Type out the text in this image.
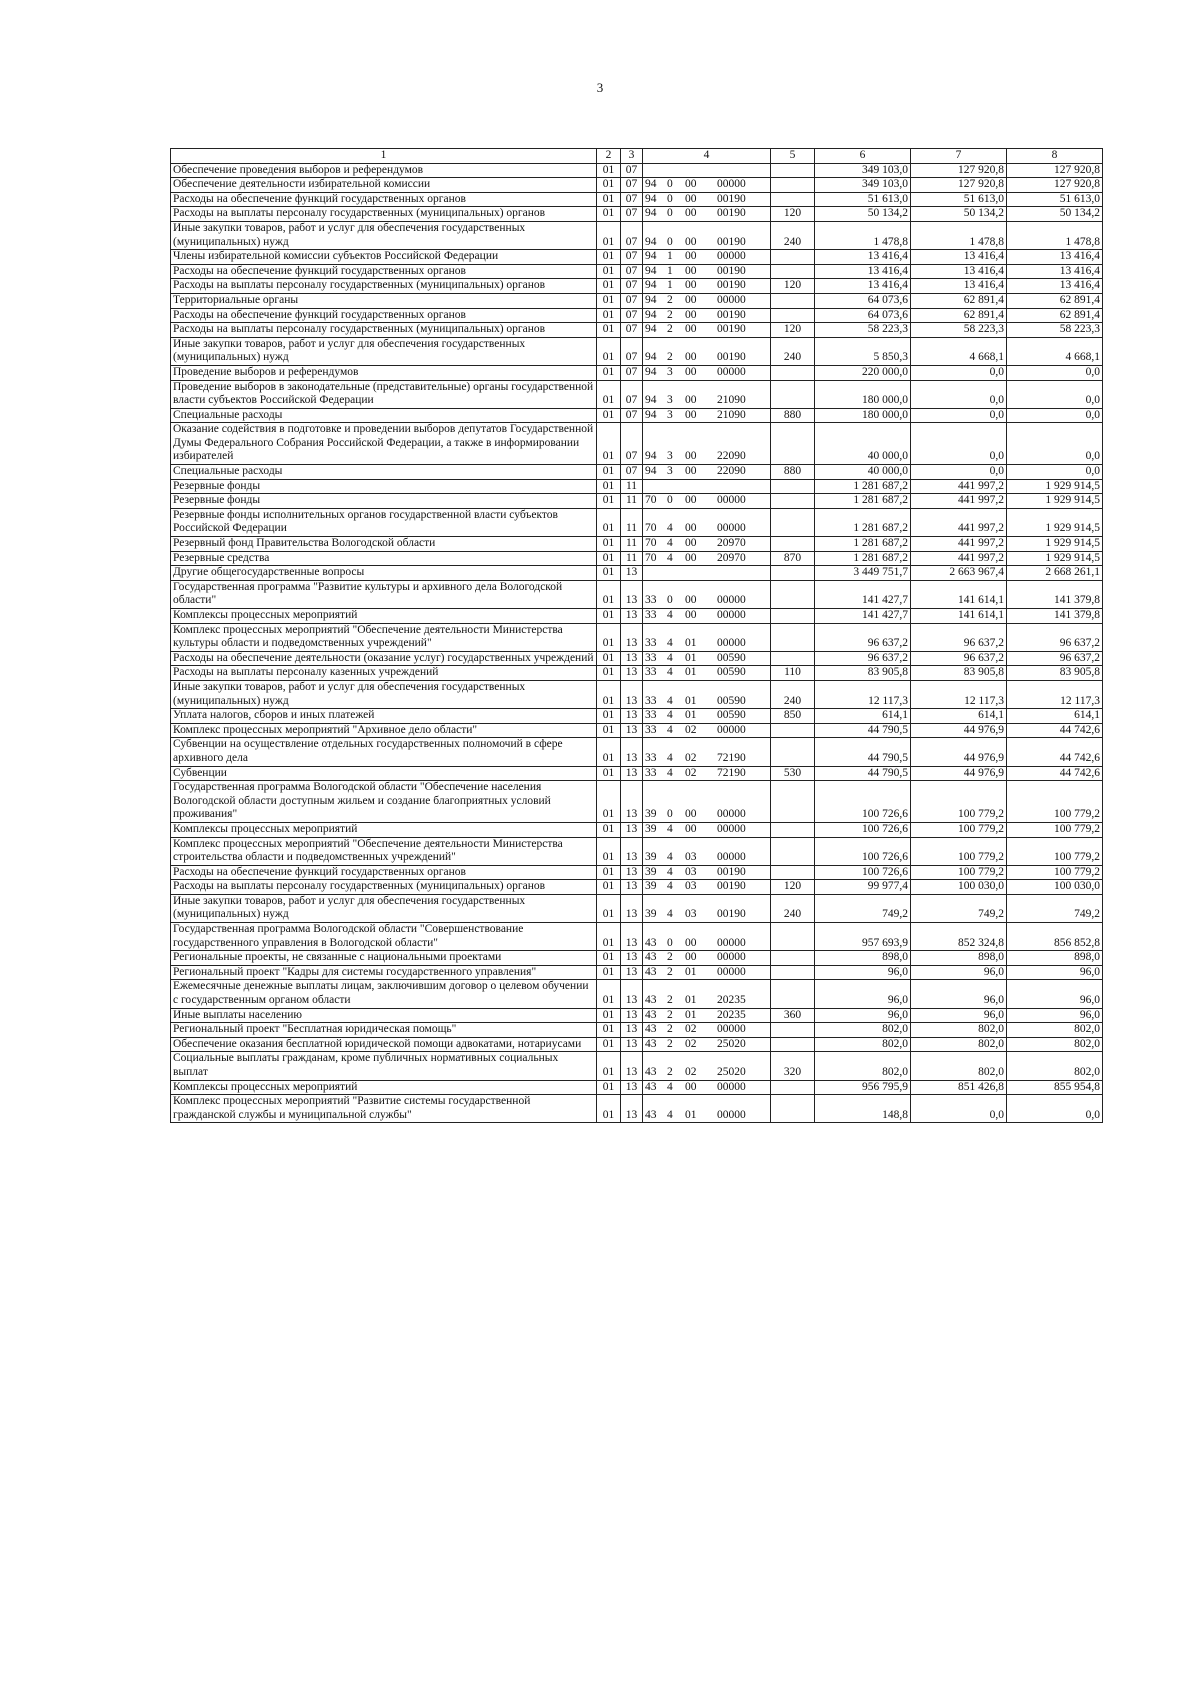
3
1	2	3	4	5	6	7	8
Обеспечение проведения выборов и референдумов	01	07			349 103,0	127 920,8	127 920,8
Обеспечение деятельности избирательной комиссии	01	07	94 0 00 00000		349 103,0	127 920,8	127 920,8
Расходы на обеспечение функций государственных органов	01	07	94 0 00 00190		51 613,0	51 613,0	51 613,0
Расходы на выплаты персоналу государственных (муниципальных) органов	01	07	94 0 00 00190	120	50 134,2	50 134,2	50 134,2
Иные закупки товаров, работ и услуг для обеспечения государственных (муниципальных) нужд	01	07	94 0 00 00190	240	1 478,8	1 478,8	1 478,8
Члены избирательной комиссии субъектов Российской Федерации	01	07	94 1 00 00000		13 416,4	13 416,4	13 416,4
Расходы на обеспечение функций государственных органов	01	07	94 1 00 00190		13 416,4	13 416,4	13 416,4
Расходы на выплаты персоналу государственных (муниципальных) органов	01	07	94 1 00 00190	120	13 416,4	13 416,4	13 416,4
Территориальные органы	01	07	94 2 00 00000		64 073,6	62 891,4	62 891,4
Расходы на обеспечение функций государственных органов	01	07	94 2 00 00190		64 073,6	62 891,4	62 891,4
Расходы на выплаты персоналу государственных (муниципальных) органов	01	07	94 2 00 00190	120	58 223,3	58 223,3	58 223,3
Иные закупки товаров, работ и услуг для обеспечения государственных (муниципальных) нужд	01	07	94 2 00 00190	240	5 850,3	4 668,1	4 668,1
Проведение выборов и референдумов	01	07	94 3 00 00000		220 000,0	0,0	0,0
Проведение выборов в законодательные (представительные) органы государственной власти субъектов Российской Федерации	01	07	94 3 00 21090		180 000,0	0,0	0,0
Специальные расходы	01	07	94 3 00 21090	880	180 000,0	0,0	0,0
Оказание содействия в подготовке и проведении выборов депутатов Государственной Думы Федерального Собрания Российской Федерации, а также в информировании избирателей	01	07	94 3 00 22090		40 000,0	0,0	0,0
Специальные расходы	01	07	94 3 00 22090	880	40 000,0	0,0	0,0
Резервные фонды	01	11			1 281 687,2	441 997,2	1 929 914,5
Резервные фонды	01	11	70 0 00 00000		1 281 687,2	441 997,2	1 929 914,5
Резервные фонды исполнительных органов государственной власти субъектов Российской Федерации	01	11	70 4 00 00000		1 281 687,2	441 997,2	1 929 914,5
Резервный фонд Правительства Вологодской области	01	11	70 4 00 20970		1 281 687,2	441 997,2	1 929 914,5
Резервные средства	01	11	70 4 00 20970	870	1 281 687,2	441 997,2	1 929 914,5
Другие общегосударственные вопросы	01	13			3 449 751,7	2 663 967,4	2 668 261,1
Государственная программа "Развитие культуры и архивного дела Вологодской области"	01	13	33 0 00 00000		141 427,7	141 614,1	141 379,8
Комплексы процессных мероприятий	01	13	33 4 00 00000		141 427,7	141 614,1	141 379,8
Комплекс процессных мероприятий "Обеспечение деятельности Министерства культуры области и подведомственных учреждений"	01	13	33 4 01 00000		96 637,2	96 637,2	96 637,2
Расходы на обеспечение деятельности (оказание услуг) государственных учреждений	01	13	33 4 01 00590		96 637,2	96 637,2	96 637,2
Расходы на выплаты персоналу казенных учреждений	01	13	33 4 01 00590	110	83 905,8	83 905,8	83 905,8
Иные закупки товаров, работ и услуг для обеспечения государственных (муниципальных) нужд	01	13	33 4 01 00590	240	12 117,3	12 117,3	12 117,3
Уплата налогов, сборов и иных платежей	01	13	33 4 01 00590	850	614,1	614,1	614,1
Комплекс процессных мероприятий "Архивное дело области"	01	13	33 4 02 00000		44 790,5	44 976,9	44 742,6
Субвенции на осуществление отдельных государственных полномочий в сфере архивного дела	01	13	33 4 02 72190		44 790,5	44 976,9	44 742,6
Субвенции	01	13	33 4 02 72190	530	44 790,5	44 976,9	44 742,6
Государственная программа Вологодской области "Обеспечение населения Вологодской области доступным жильем и создание благоприятных условий проживания"	01	13	39 0 00 00000		100 726,6	100 779,2	100 779,2
Комплексы процессных мероприятий	01	13	39 4 00 00000		100 726,6	100 779,2	100 779,2
Комплекс процессных мероприятий "Обеспечение деятельности Министерства строительства области и подведомственных учреждений"	01	13	39 4 03 00000		100 726,6	100 779,2	100 779,2
Расходы на обеспечение функций государственных органов	01	13	39 4 03 00190		100 726,6	100 779,2	100 779,2
Расходы на выплаты персоналу государственных (муниципальных) органов	01	13	39 4 03 00190	120	99 977,4	100 030,0	100 030,0
Иные закупки товаров, работ и услуг для обеспечения государственных (муниципальных) нужд	01	13	39 4 03 00190	240	749,2	749,2	749,2
Государственная программа Вологодской области "Совершенствование государственного управления в Вологодской области"	01	13	43 0 00 00000		957 693,9	852 324,8	856 852,8
Региональные проекты, не связанные с национальными проектами	01	13	43 2 00 00000		898,0	898,0	898,0
Региональный проект "Кадры для системы государственного управления"	01	13	43 2 01 00000		96,0	96,0	96,0
Ежемесячные денежные выплаты лицам, заключившим договор о целевом обучении с государственным органом области	01	13	43 2 01 20235		96,0	96,0	96,0
Иные выплаты населению	01	13	43 2 01 20235	360	96,0	96,0	96,0
Региональный проект "Бесплатная юридическая помощь"	01	13	43 2 02 00000		802,0	802,0	802,0
Обеспечение оказания бесплатной юридической помощи адвокатами, нотариусами	01	13	43 2 02 25020		802,0	802,0	802,0
Социальные выплаты гражданам, кроме публичных нормативных социальных выплат	01	13	43 2 02 25020	320	802,0	802,0	802,0
Комплексы процессных мероприятий	01	13	43 4 00 00000		956 795,9	851 426,8	855 954,8
Комплекс процессных мероприятий "Развитие системы государственной гражданской службы и муниципальной службы"	01	13	43 4 01 00000		148,8	0,0	0,0
